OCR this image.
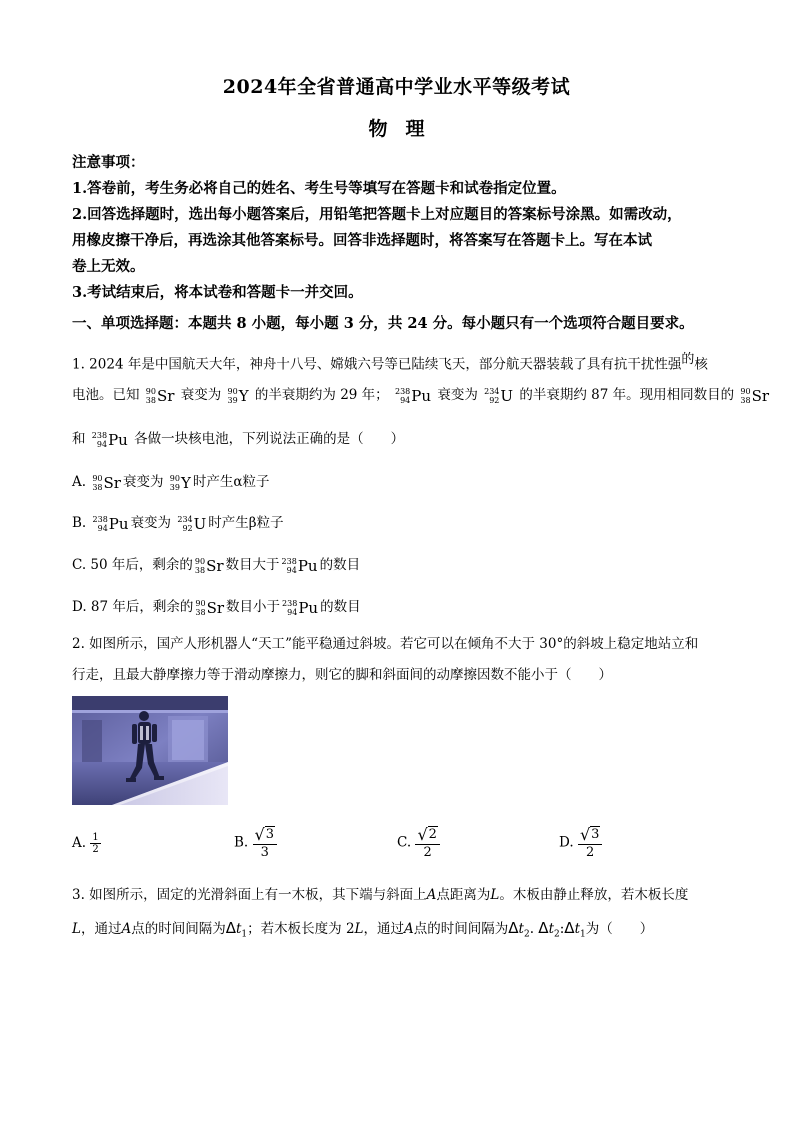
2024年全省普通高中学业水平等级考试
物理

注意事项：

1.答卷前，考生务必将自己的姓名、考生号等填写在答题卡和试卷指定位置。

2.回答选择题时，选出每小题答案后，用铅笔把答题卡上对应题目的答案标号涂黑。如需改动，

用橡皮擦干净后，再选涂其他答案标号。回答非选择题时，将答案写在答题卡上。写在本试

卷上无效。

3.考试结束后，将本试卷和答题卡一并交回。

一、单项选择题：本题共 8 小题，每小题 3 分，共 24 分。每小题只有一个选项符合题目要求。
1. 2024 年是中国航天大年，神舟十八号、嫦娥六号等已陆续飞天，部分航天器装载了具有抗干扰性强$^的$核
电池。已知 90
38 Sr 衰变为 90
39 Y 的半衰期约为 29 年； 238
94 Pu 衰变为 234
92 U 的半衰期约 87 年。现用相同数目的 90
38 Sr
和 238
94 Pu 各做一块核电池，下列说法正确的是（　　）
A. 90
38 Sr 衰变为 90
39 Y 时产生α粒子
B. 238
94 Pu 衰变为 234
92 U 时产生β粒子
C. 50 年后，剩余的 90
38 Sr 数目大于 238
94 Pu 的数目
D. 87 年后，剩余的 90
38 Sr 数目小于 238
94 Pu 的数目
2. 如图所示，国产人形机器人“天工”能平稳通过斜坡。若它可以在倾角不大于 30°的斜坡上稳定地站立和
行走，且最大静摩擦力等于滑动摩擦力，则它的脚和斜面间的动摩擦因数不能小于（　　）
A. $\frac{1}{2}$	B. $\frac{√ 3}{3}$	C. $\frac{√ 2}{2}$	D. $\frac{√ 3}{2}$
3. 如图所示，固定的光滑斜面上有一木板，其下端与斜面上A点距离为L。木板由静止释放，若木板长度
L，通过A点的时间间隔为$\Delta t_1$；若木板长度为 2L，通过A点的时间间隔为$\Delta t_2$. $\Delta t_2:\Delta t_1$为（　　）
